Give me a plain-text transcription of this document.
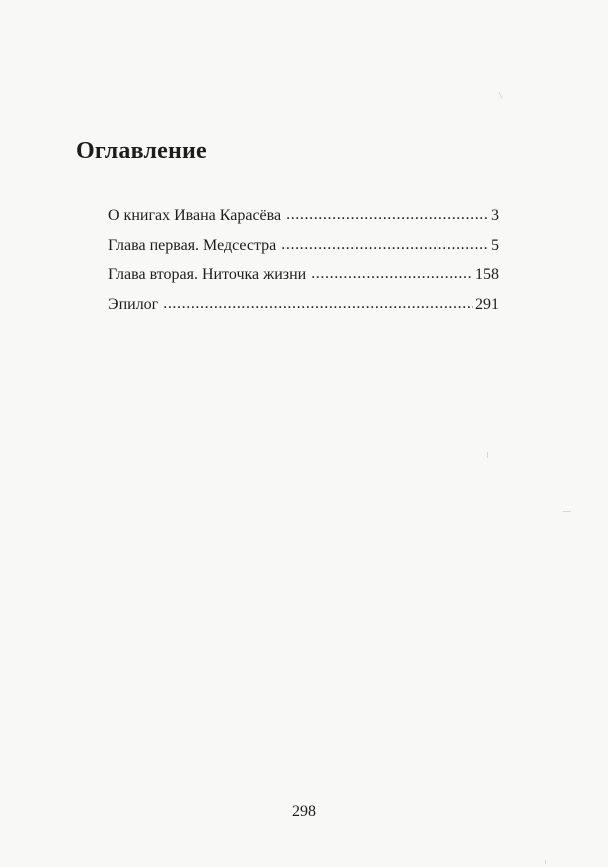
Оглавление
О книгах Ивана Карасёва .....	3
Глава первая. Медсестра .....	5
Глава вторая. Ниточка жизни .....	158
Эпилог .....	291
298
